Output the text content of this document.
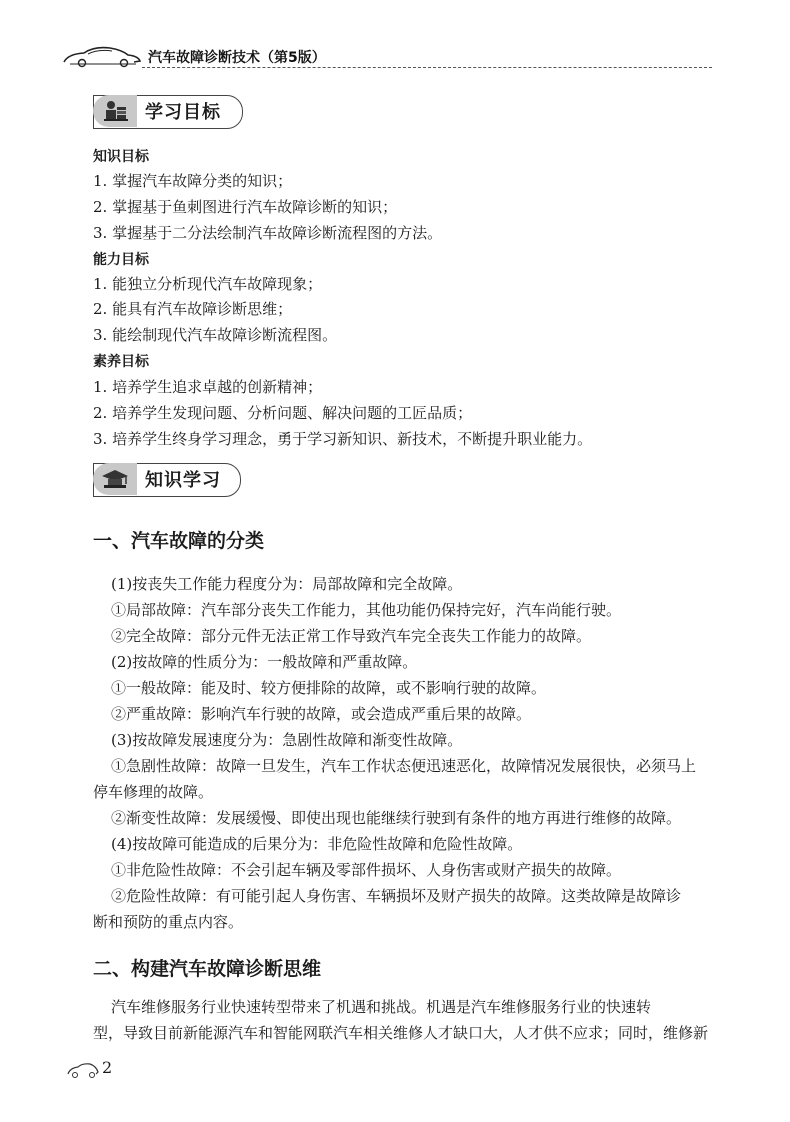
汽车故障诊断技术（第5版）
学习目标
知识目标
1. 掌握汽车故障分类的知识；
2. 掌握基于鱼刺图进行汽车故障诊断的知识；
3. 掌握基于二分法绘制汽车故障诊断流程图的方法。
能力目标
1. 能独立分析现代汽车故障现象；
2. 能具有汽车故障诊断思维；
3. 能绘制现代汽车故障诊断流程图。
素养目标
1. 培养学生追求卓越的创新精神；
2. 培养学生发现问题、分析问题、解决问题的工匠品质；
3. 培养学生终身学习理念，勇于学习新知识、新技术，不断提升职业能力。
知识学习
一、汽车故障的分类
(1)按丧失工作能力程度分为：局部故障和完全故障。
①局部故障：汽车部分丧失工作能力，其他功能仍保持完好，汽车尚能行驶。
②完全故障：部分元件无法正常工作导致汽车完全丧失工作能力的故障。
(2)按故障的性质分为：一般故障和严重故障。
①一般故障：能及时、较方便排除的故障，或不影响行驶的故障。
②严重故障：影响汽车行驶的故障，或会造成严重后果的故障。
(3)按故障发展速度分为：急剧性故障和渐变性故障。
①急剧性故障：故障一旦发生，汽车工作状态便迅速恶化，故障情况发展很快，必须马上
停车修理的故障。
②渐变性故障：发展缓慢、即使出现也能继续行驶到有条件的地方再进行维修的故障。
(4)按故障可能造成的后果分为：非危险性故障和危险性故障。
①非危险性故障：不会引起车辆及零部件损坏、人身伤害或财产损失的故障。
②危险性故障：有可能引起人身伤害、车辆损坏及财产损失的故障。这类故障是故障诊
断和预防的重点内容。
二、构建汽车故障诊断思维
汽车维修服务行业快速转型带来了机遇和挑战。机遇是汽车维修服务行业的快速转
型，导致目前新能源汽车和智能网联汽车相关维修人才缺口大，人才供不应求；同时，维修新
2
